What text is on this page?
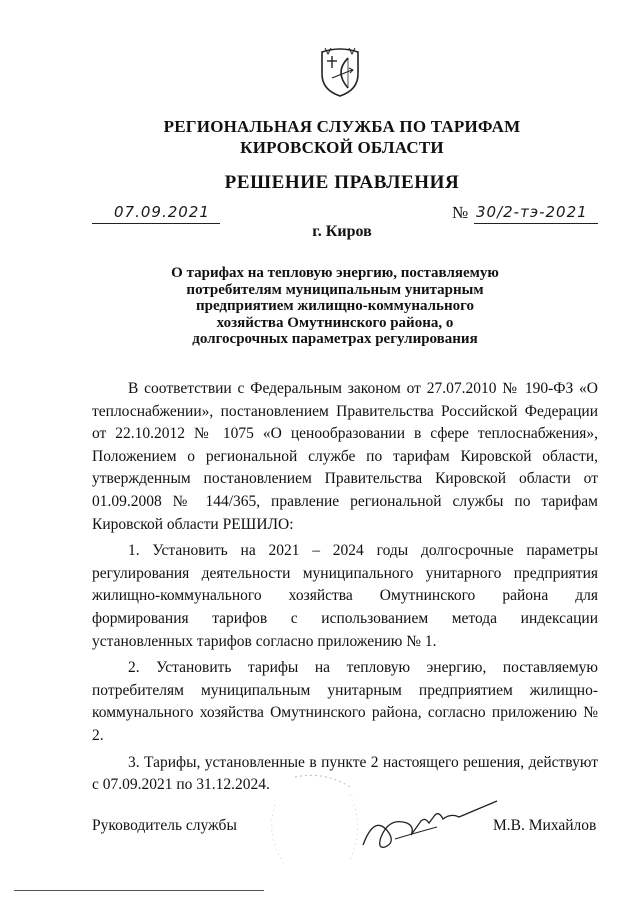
РЕГИОНАЛЬНАЯ СЛУЖБА ПО ТАРИФАМ
КИРОВСКОЙ ОБЛАСТИ
РЕШЕНИЕ ПРАВЛЕНИЯ
07.09.2021	№ 30/2-тэ-2021
г. Киров
О тарифах на тепловую энергию, поставляемую потребителям муниципальным унитарным предприятием жилищно-коммунального хозяйства Омутнинского района, о долгосрочных параметрах регулирования

В соответствии с Федеральным законом от 27.07.2010 № 190-ФЗ «О теплоснабжении», постановлением Правительства Российской Федерации от 22.10.2012 № 1075 «О ценообразовании в сфере теплоснабжения», Положением о региональной службе по тарифам Кировской области, утвержденным постановлением Правительства Кировской области от 01.09.2008 № 144/365, правление региональной службы по тарифам Кировской области РЕШИЛО:

1. Установить на 2021 – 2024 годы долгосрочные параметры регулирования деятельности муниципального унитарного предприятия жилищно-коммунального хозяйства Омутнинского района для формирования тарифов с использованием метода индексации установленных тарифов согласно приложению № 1.

2. Установить тарифы на тепловую энергию, поставляемую потребителям муниципальным унитарным предприятием жилищно-коммунального хозяйства Омутнинского района, согласно приложению № 2.

3. Тарифы, установленные в пункте 2 настоящего решения, действуют с 07.09.2021 по 31.12.2024.

Руководитель службы	М.В. Михайлов
